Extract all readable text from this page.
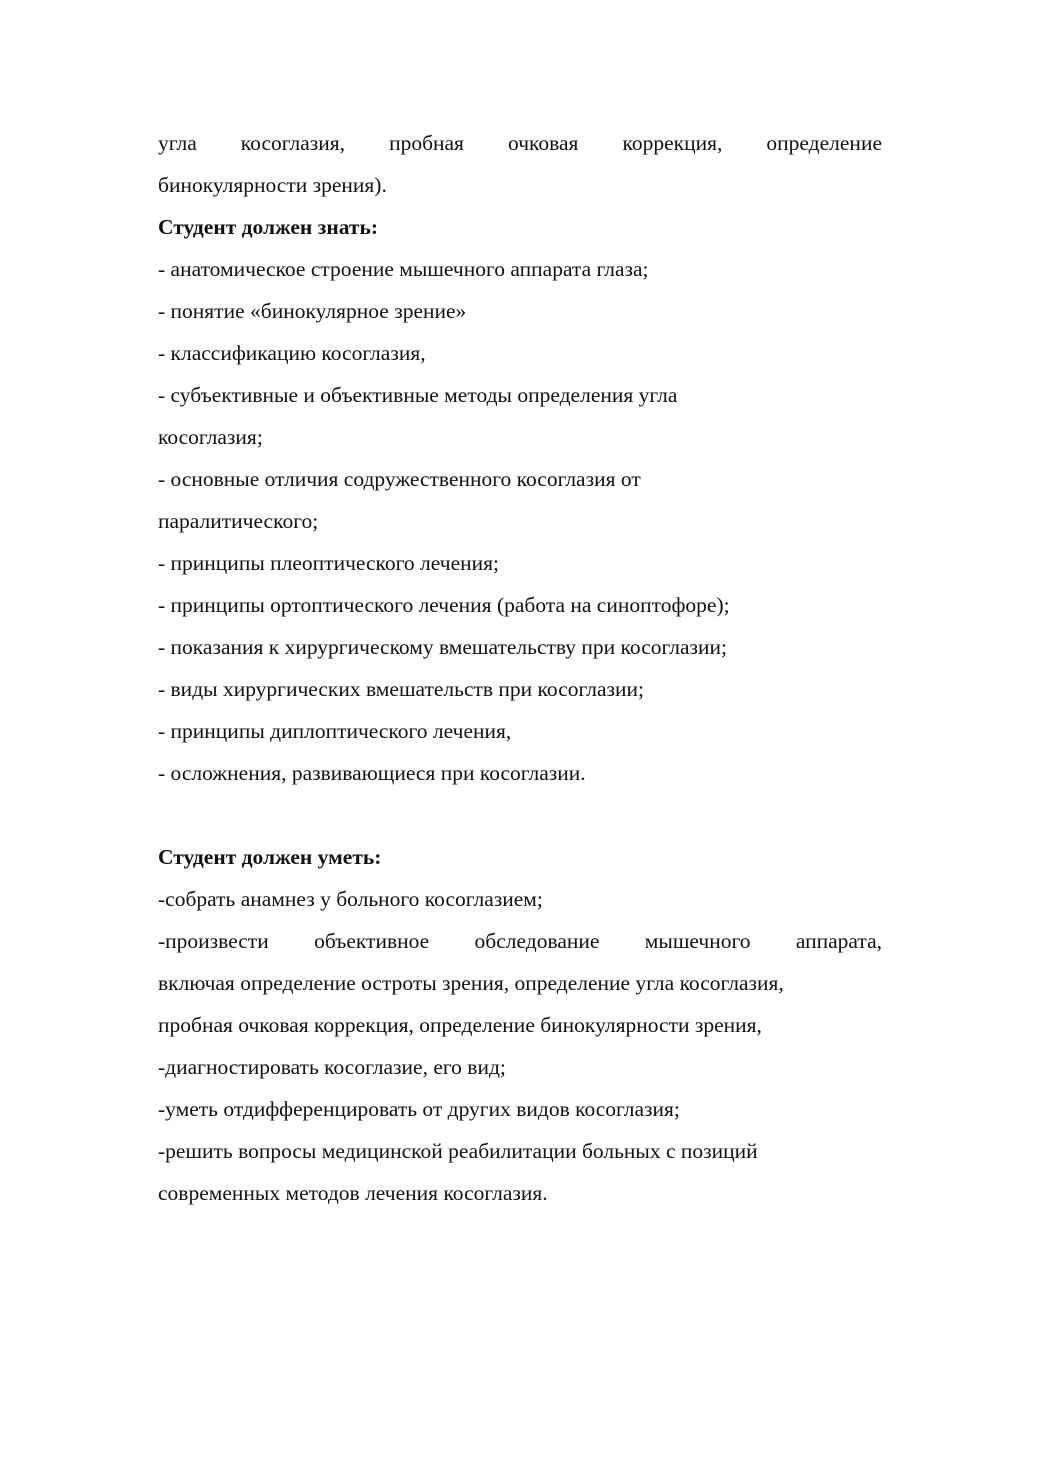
угла косоглазия, пробная очковая коррекция, определение
бинокулярности зрения).
Студент должен знать:
- анатомическое строение мышечного аппарата глаза;
- понятие «бинокулярное зрение»
- классификацию косоглазия,
- субъективные и объективные методы определения угла
косоглазия;
- основные отличия содружественного косоглазия от
паралитического;
- принципы плеоптического лечения;
- принципы ортоптического лечения (работа на синоптофоре);
- показания к хирургическому вмешательству при косоглазии;
- виды хирургических вмешательств при косоглазии;
- принципы диплоптического лечения,
- осложнения, развивающиеся при косоглазии.
Студент должен уметь:
-собрать анамнез у больного косоглазием;
-произвести объективное обследование мышечного аппарата,
включая определение остроты зрения, определение угла косоглазия,
пробная очковая коррекция, определение бинокулярности зрения,
-диагностировать косоглазие, его вид;
-уметь отдифференцировать от других видов косоглазия;
-решить вопросы медицинской реабилитации больных с позиций
современных методов лечения косоглазия.
